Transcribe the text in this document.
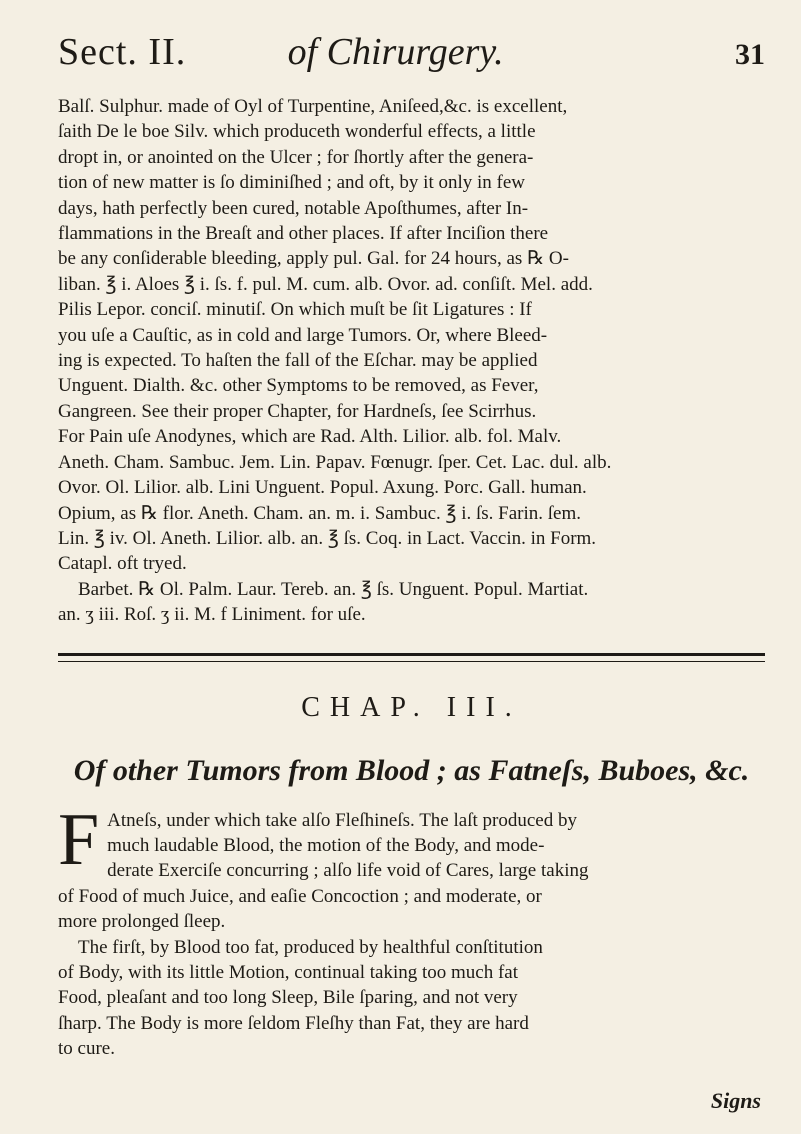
Sect. II.	of Chirurgery.	31

Balſ. Sulphur. made of Oyl of Turpentine, Aniſeed,&c. is excellent,
ſaith De le boe Silv. which produceth wonderful effects, a little
dropt in, or anointed on the Ulcer ; for ſhortly after the genera-
tion of new matter is ſo diminiſhed ; and oft, by it only in few
days, hath perfectly been cured, notable Apoſthumes, after In-
flammations in the Breaſt and other places. If after Inciſion there
be any conſiderable bleeding, apply pul. Gal. for 24 hours, as ℞ O-
liban. ℥ i. Aloes ℥ i. ſs. f. pul. M. cum. alb. Ovor. ad. conſiſt. Mel. add.
Pilis Lepor. conciſ. minutiſ. On which muſt be ſit Ligatures : If
you uſe a Cauſtic, as in cold and large Tumors. Or, where Bleed-
ing is expected. To haſten the fall of the Eſchar. may be applied
Unguent. Dialth. &c. other Symptoms to be removed, as Fever,
Gangreen. See their proper Chapter, for Hardneſs, ſee Scirrhus.
For Pain uſe Anodynes, which are Rad. Alth. Lilior. alb. fol. Malv.
Aneth. Cham. Sambuc. Jem. Lin. Papav. Fœnugr. ſper. Cet. Lac. dul. alb.
Ovor. Ol. Lilior. alb. Lini Unguent. Popul. Axung. Porc. Gall. human.
Opium, as ℞ flor. Aneth. Cham. an. m. i. Sambuc. ℥ i. ſs. Farin. ſem.
Lin. ℥ iv. Ol. Aneth. Lilior. alb. an. ℥ ſs. Coq. in Lact. Vaccin. in Form.
Catapl. oft tryed.

Barbet. ℞ Ol. Palm. Laur. Tereb. an. ℥ ſs. Unguent. Popul. Martiat.
an. ʒ iii. Roſ. ʒ ii. M. f Liniment. for uſe.

CHAP. III.
Of other Tumors from Blood ; as Fatneſs, Buboes, &c.

F Atneſs, under which take alſo Fleſhineſs. The laſt produced by
much laudable Blood, the motion of the Body, and mode-
derate Exerciſe concurring ; alſo life void of Cares, large taking
of Food of much Juice, and eaſie Concoction ; and moderate, or
more prolonged ſleep.

The firſt, by Blood too fat, produced by healthful conſtitution
of Body, with its little Motion, continual taking too much fat
Food, pleaſant and too long Sleep, Bile ſparing, and not very
ſharp. The Body is more ſeldom Fleſhy than Fat, they are hard
to cure.

Signs
